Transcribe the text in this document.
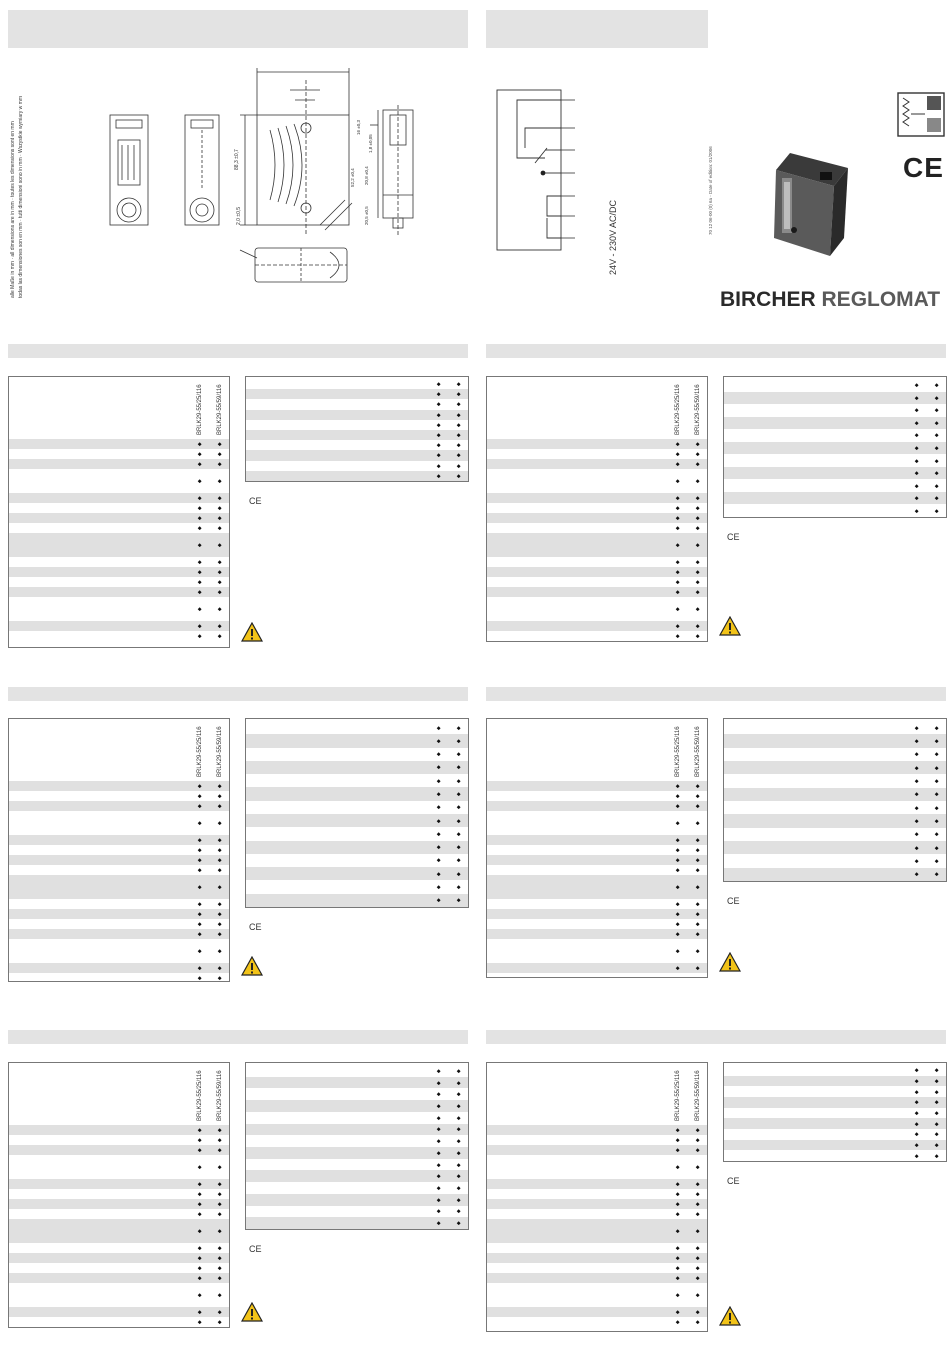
alle Maße in mm · all dimensions are in mm · toutes les dimensions sont en mm todas las dimensiones son en mm · tutti dimensioni sono in mm · Wszystkie wymiary w mm	88,3 ±0,7
2,0 ±0,5
16 ±0,3
1,8 ±0,05
52,2 ±0,4 20,8 ±0,4
20,5 ±0,5	24V - 230V AC/DC
70 12 06-00 (0) 6a - Date of edition: 01/2006	CE
BIRCHER REGLOMAT
BRLK29-55/25/116 BRLK29-55/59/116
◆ ◆
◆ ◆
◆ ◆
◆ ◆
◆ ◆
◆ ◆
◆ ◆
◆ ◆
◆ ◆
◆ ◆
◆ ◆
◆ ◆
◆ ◆
◆ ◆
◆ ◆
◆ ◆
◆ ◆
◆ ◆
◆ ◆
◆ ◆
◆ ◆
◆ ◆
◆ ◆
◆ ◆
◆ ◆
◆ ◆
CE
BRLK29-55/25/116 BRLK29-55/59/116
◆ ◆
◆ ◆
◆ ◆
◆ ◆
◆ ◆
◆ ◆
◆ ◆
◆ ◆
◆ ◆
◆ ◆
◆ ◆
◆ ◆
◆ ◆
◆ ◆
◆ ◆
◆ ◆
◆ ◆
◆ ◆
◆ ◆
◆ ◆
◆ ◆
◆ ◆
◆ ◆
◆ ◆
◆ ◆
◆ ◆
◆ ◆
CE
BRLK29-55/25/116 BRLK29-55/59/116
◆ ◆
◆ ◆
◆ ◆
◆ ◆
◆ ◆
◆ ◆
◆ ◆
◆ ◆
◆ ◆
◆ ◆
◆ ◆
◆ ◆
◆ ◆
◆ ◆
◆ ◆
◆ ◆
◆ ◆
◆ ◆
◆ ◆
◆ ◆
◆ ◆
◆ ◆
◆ ◆
◆ ◆
◆ ◆
◆ ◆
◆ ◆
◆ ◆
◆ ◆
◆ ◆
CE
BRLK29-55/25/116 BRLK29-55/59/116
◆ ◆
◆ ◆
◆ ◆
◆ ◆
◆ ◆
◆ ◆
◆ ◆
◆ ◆
◆ ◆
◆ ◆
◆ ◆
◆ ◆
◆ ◆
◆ ◆
◆ ◆
◆ ◆
◆ ◆
◆ ◆
◆ ◆
◆ ◆
◆ ◆
◆ ◆
◆ ◆
◆ ◆
◆ ◆
◆ ◆
◆ ◆
CE
BRLK29-55/25/116 BRLK29-55/59/116
◆ ◆
◆ ◆
◆ ◆
◆ ◆
◆ ◆
◆ ◆
◆ ◆
◆ ◆
◆ ◆
◆ ◆
◆ ◆
◆ ◆
◆ ◆
◆ ◆
◆ ◆
◆ ◆
◆ ◆
◆ ◆
◆ ◆
◆ ◆
◆ ◆
◆ ◆
◆ ◆
◆ ◆
◆ ◆
◆ ◆
◆ ◆
◆ ◆
◆ ◆
◆ ◆
CE
BRLK29-55/25/116 BRLK29-55/59/116
◆ ◆
◆ ◆
◆ ◆
◆ ◆
◆ ◆
◆ ◆
◆ ◆
◆ ◆
◆ ◆
◆ ◆
◆ ◆
◆ ◆
◆ ◆
◆ ◆
◆ ◆
◆ ◆
◆ ◆
◆ ◆
◆ ◆
◆ ◆
◆ ◆
◆ ◆
◆ ◆
◆ ◆
◆ ◆
CE
